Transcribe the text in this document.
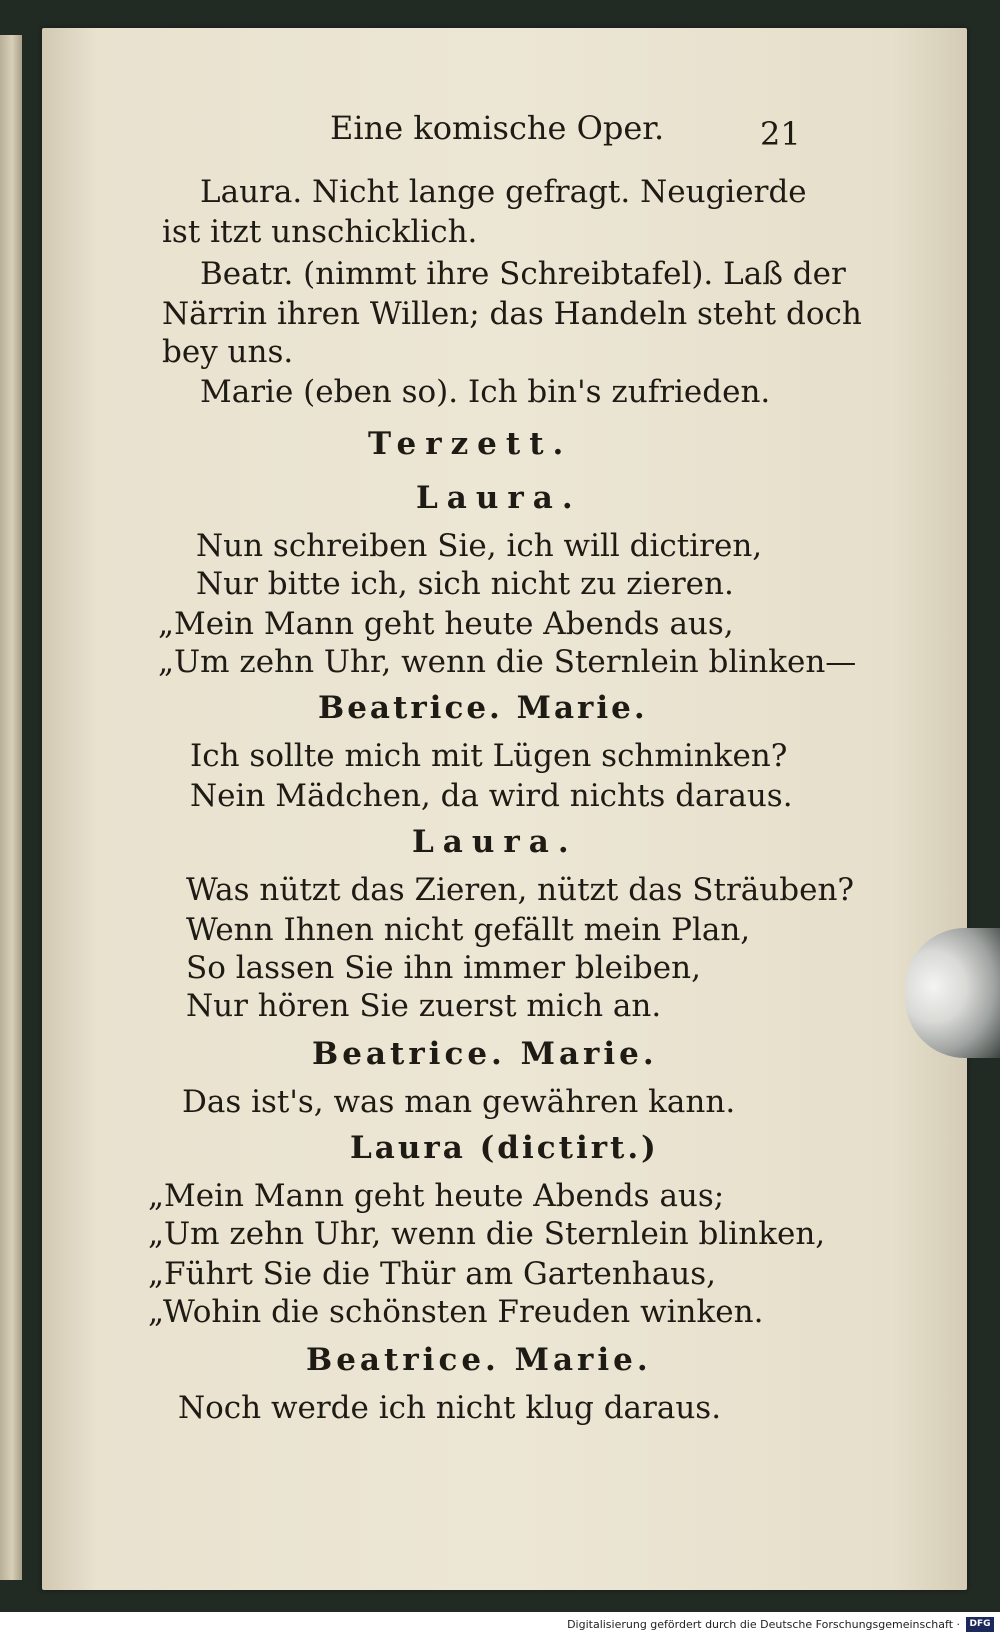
Eine komische Oper.	21
Laura. Nicht lange gefragt. Neugierde
ist itzt unschicklich.
Beatr. (nimmt ihre Schreibtafel). Laß der
Närrin ihren Willen; das Handeln steht doch
bey uns.
Marie (eben so). Ich bin's zufrieden.
Terzett.
Laura.
Nun schreiben Sie, ich will dictiren,
Nur bitte ich, sich nicht zu zieren.
„Mein Mann geht heute Abends aus,
„Um zehn Uhr, wenn die Sternlein blinken—
Beatrice. Marie.
Ich sollte mich mit Lügen schminken?
Nein Mädchen, da wird nichts daraus.
Laura.
Was nützt das Zieren, nützt das Sträuben?
Wenn Ihnen nicht gefällt mein Plan,
So lassen Sie ihn immer bleiben,
Nur hören Sie zuerst mich an.
Beatrice. Marie.
Das ist's, was man gewähren kann.
Laura (dictirt.)
„Mein Mann geht heute Abends aus;
„Um zehn Uhr, wenn die Sternlein blinken,
„Führt Sie die Thür am Gartenhaus,
„Wohin die schönsten Freuden winken.
Beatrice. Marie.
Noch werde ich nicht klug daraus.
Digitalisierung gefördert durch die Deutsche Forschungsgemeinschaft ·	DFG
